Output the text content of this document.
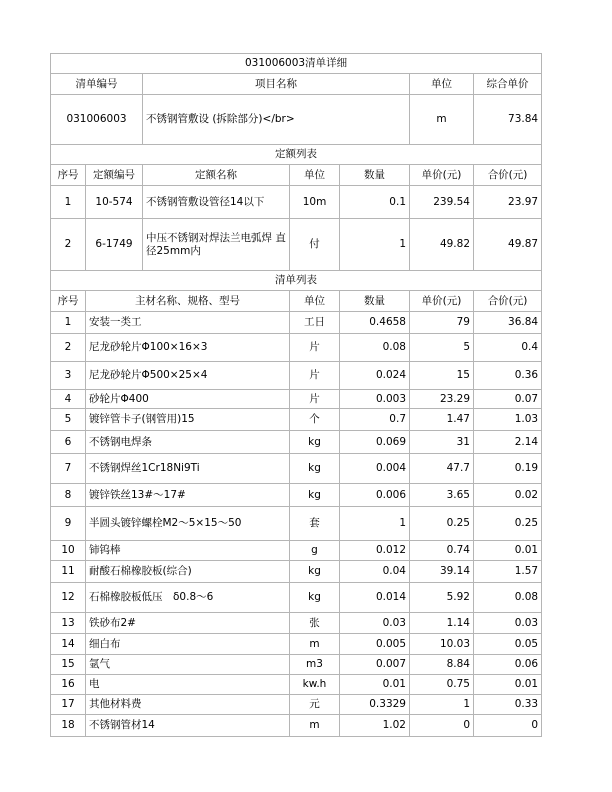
031006003清单详细						
清单编号		项目名称			单位	综合单价
031006003		不锈钢管敷设 (拆除部分)</br>			m	73.84
定额列表						
序号	定额编号	定额名称	单位	数量	单价(元)	合价(元)
1	10-574	不锈钢管敷设管径14以下	10m	0.1	239.54	23.97
2	6-1749	中压不锈钢对焊法兰电弧焊 直径25mm内	付	1	49.82	49.87
清单列表						
序号	主材名称、规格、型号		单位	数量	单价(元)	合价(元)
1	安装一类工		工日	0.4658	79	36.84
2	尼龙砂轮片Φ100×16×3		片	0.08	5	0.4
3	尼龙砂轮片Φ500×25×4		片	0.024	15	0.36
4	砂轮片Φ400		片	0.003	23.29	0.07
5	镀锌管卡子(钢管用)15		个	0.7	1.47	1.03
6	不锈钢电焊条		kg	0.069	31	2.14
7	不锈钢焊丝1Cr18Ni9Ti		kg	0.004	47.7	0.19
8	镀锌铁丝13#～17#		kg	0.006	3.65	0.02
9	半圆头镀锌螺栓M2～5×15～50		套	1	0.25	0.25
10	铈钨棒		g	0.012	0.74	0.01
11	耐酸石棉橡胶板(综合)		kg	0.04	39.14	1.57
12	石棉橡胶板低压　δ0.8～6		kg	0.014	5.92	0.08
13	铁砂布2#		张	0.03	1.14	0.03
14	细白布		m	0.005	10.03	0.05
15	氩气		m3	0.007	8.84	0.06
16	电		kw.h	0.01	0.75	0.01
17	其他材料费		元	0.3329	1	0.33
18	不锈钢管材14		m	1.02	0	0
